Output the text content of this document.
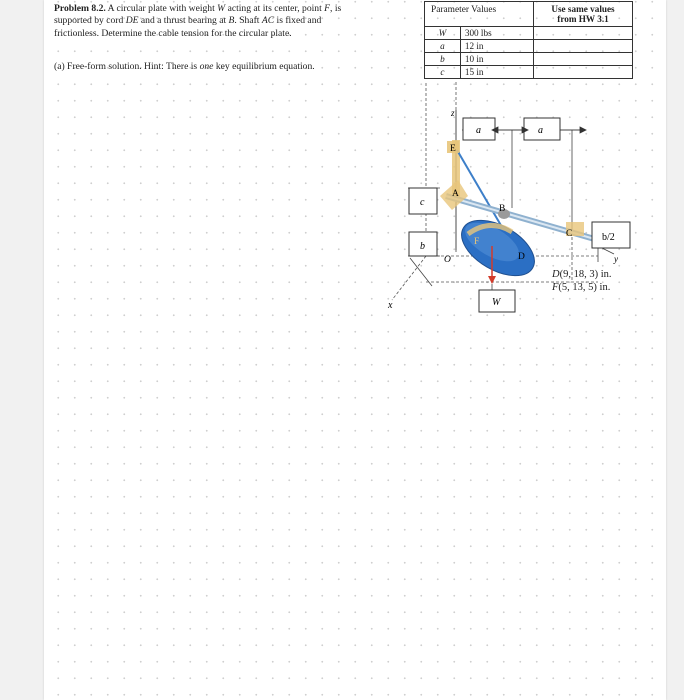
Problem 8.2. A circular plate with weight W acting at its center, point F, is
supported by cord DE and a thrust bearing at B. Shaft AC is fixed and
frictionless. Determine the cable tension for the circular plate.
(a) Free-form solution. Hint: There is one key equilibrium equation.
Parameter Values		Use same values
from HW 3.1
W	300 lbs	
a	12 in	
b	10 in	
c	15 in	
z
x
y
a	a
c
b
b/2
W
E
A
B
C
D
F
O
D(9, 18, 3) in.
F(5, 13, 5) in.
